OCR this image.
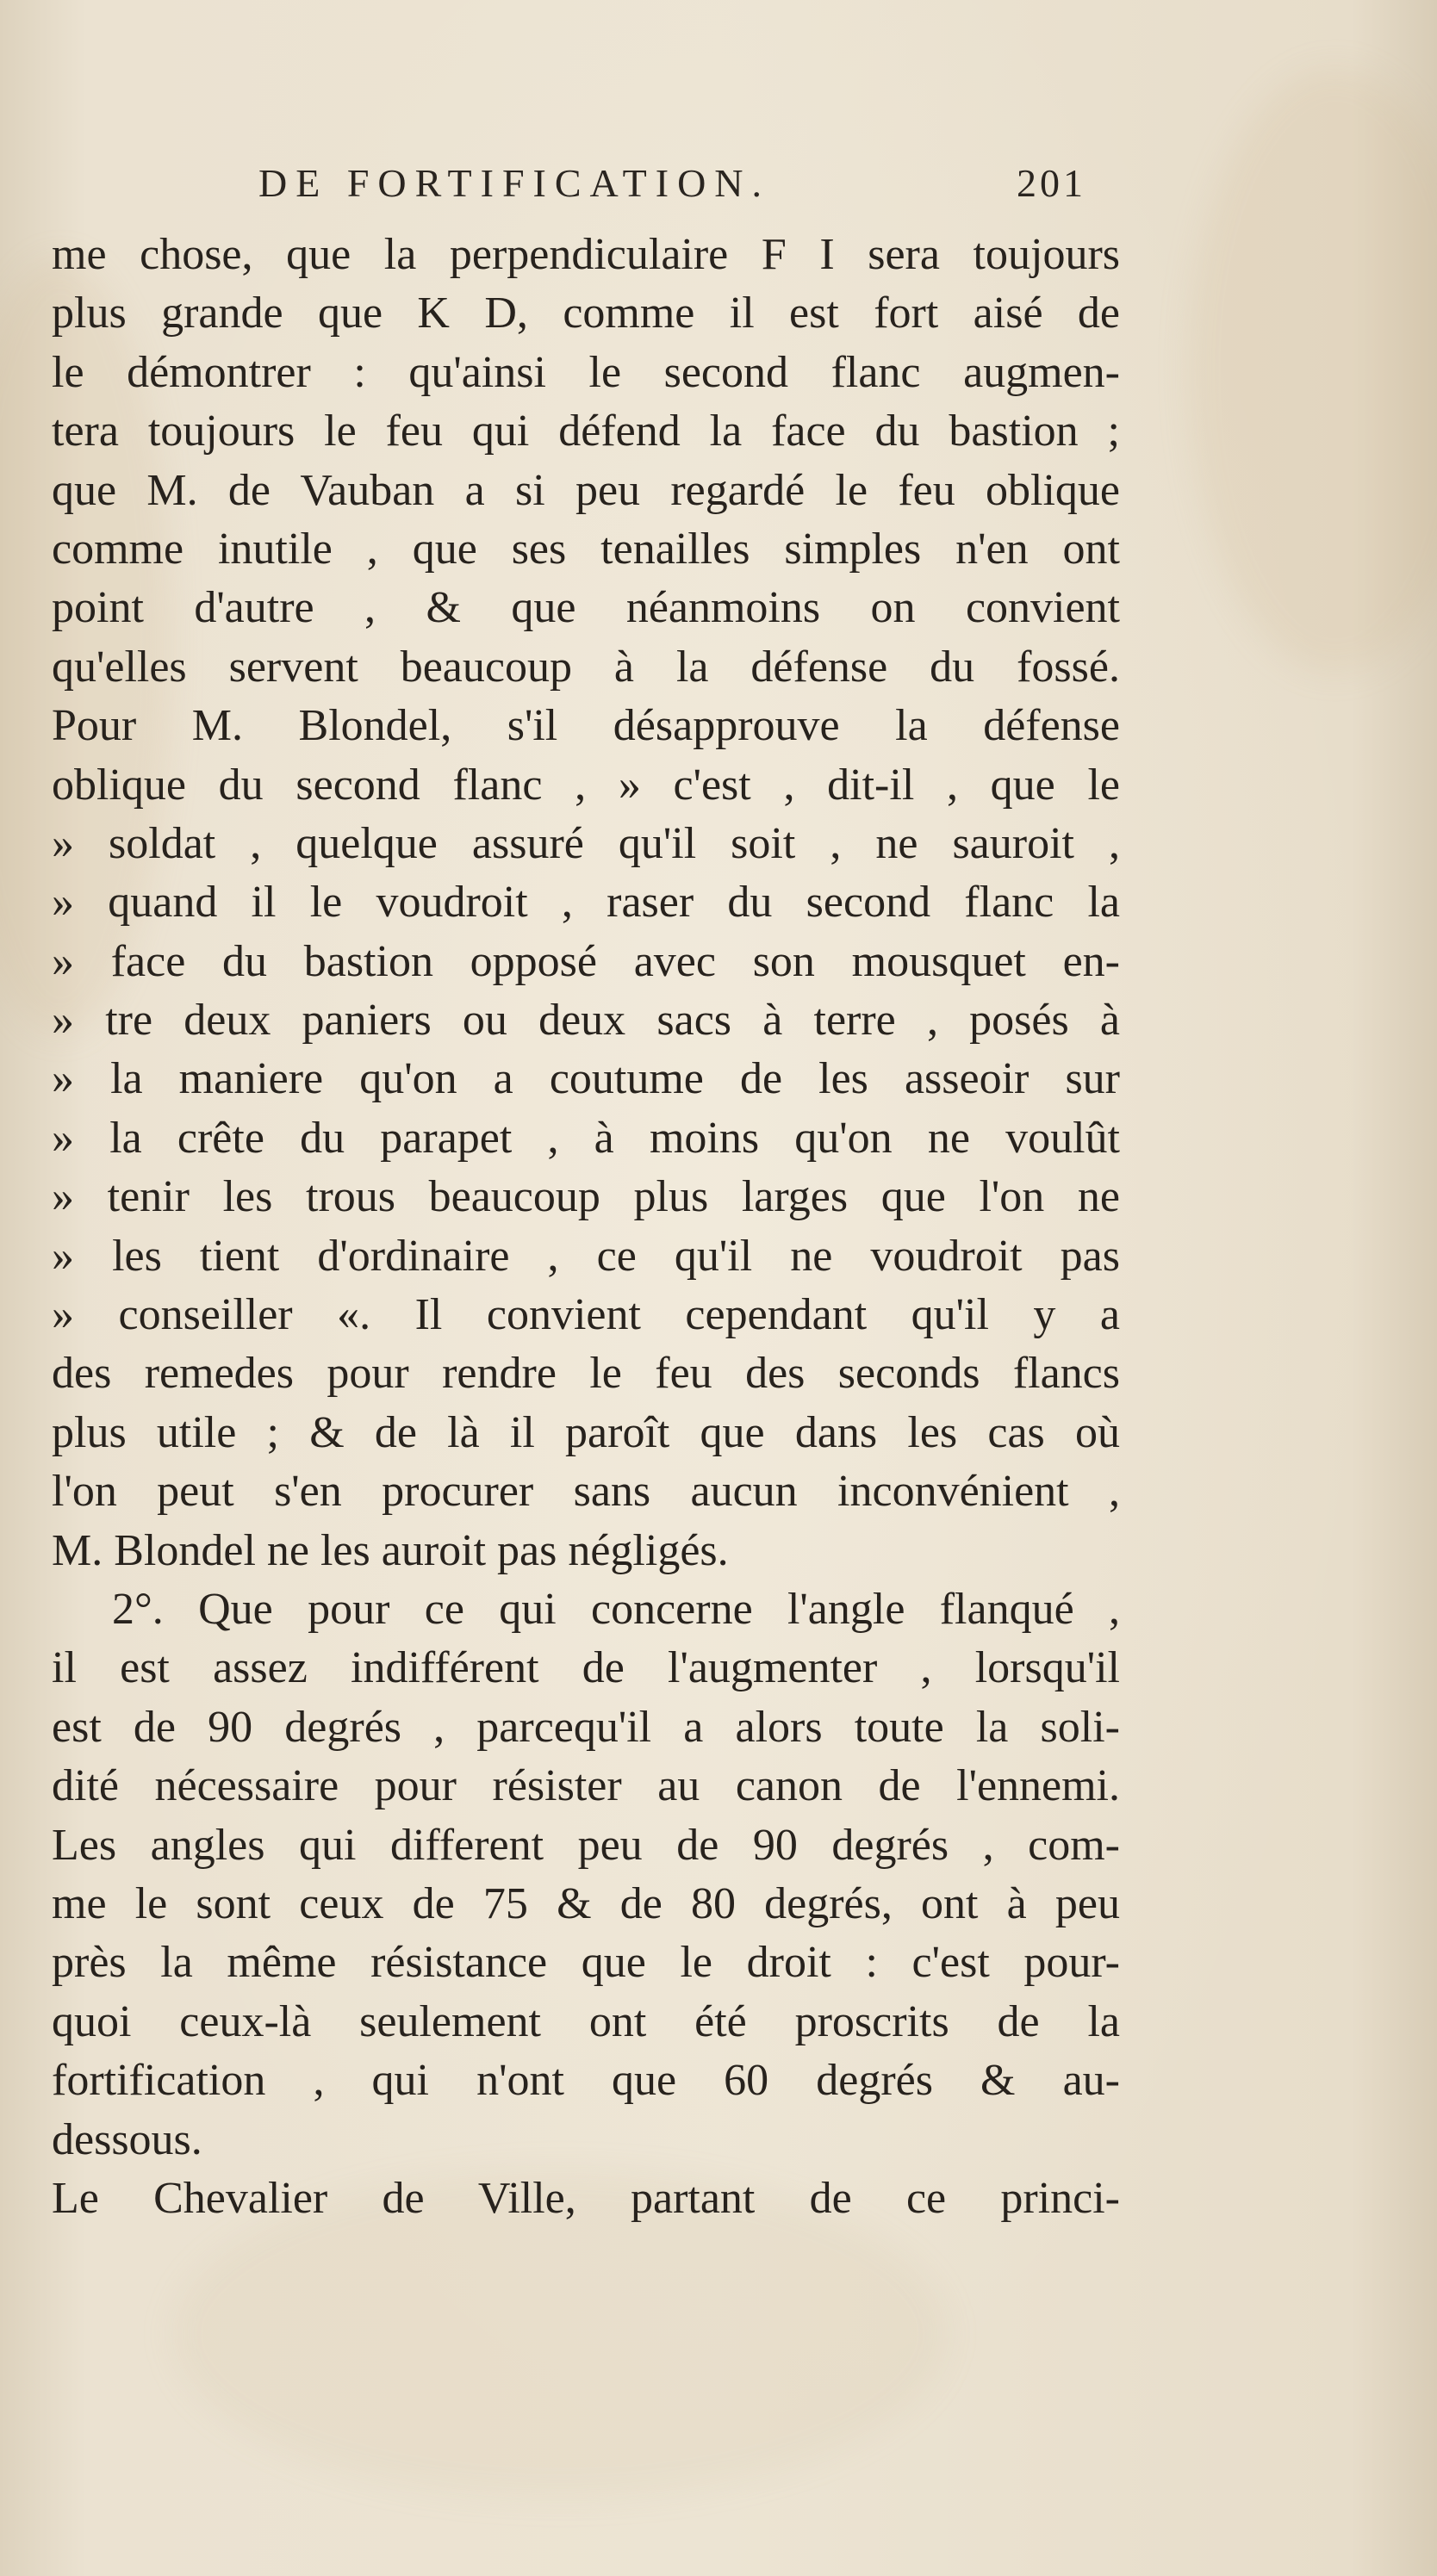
DE FORTIFICATION.	201
me chose, que la perpendiculaire F I sera toujours
plus grande que K D, comme il est fort aisé de
le démontrer : qu'ainsi le second flanc augmen-
tera toujours le feu qui défend la face du bastion ;
que M. de Vauban a si peu regardé le feu oblique
comme inutile , que ses tenailles simples n'en ont
point d'autre , & que néanmoins on convient
qu'elles servent beaucoup à la défense du fossé.
Pour M. Blondel, s'il désapprouve la défense
oblique du second flanc , » c'est , dit-il , que le
» soldat , quelque assuré qu'il soit , ne sauroit ,
» quand il le voudroit , raser du second flanc la
» face du bastion opposé avec son mousquet en-
» tre deux paniers ou deux sacs à terre , posés à
» la maniere qu'on a coutume de les asseoir sur
» la crête du parapet , à moins qu'on ne voulût
» tenir les trous beaucoup plus larges que l'on ne
» les tient d'ordinaire , ce qu'il ne voudroit pas
» conseiller «. Il convient cependant qu'il y a
des remedes pour rendre le feu des seconds flancs
plus utile ; & de là il paroît que dans les cas où
l'on peut s'en procurer sans aucun inconvénient ,
M. Blondel ne les auroit pas négligés.
2°. Que pour ce qui concerne l'angle flanqué ,
il est assez indifférent de l'augmenter , lorsqu'il
est de 90 degrés , parcequ'il a alors toute la soli-
dité nécessaire pour résister au canon de l'ennemi.
Les angles qui different peu de 90 degrés , com-
me le sont ceux de 75 & de 80 degrés, ont à peu
près la même résistance que le droit : c'est pour-
quoi ceux-là seulement ont été proscrits de la
fortification , qui n'ont que 60 degrés & au-
dessous.
Le Chevalier de Ville, partant de ce princi-
